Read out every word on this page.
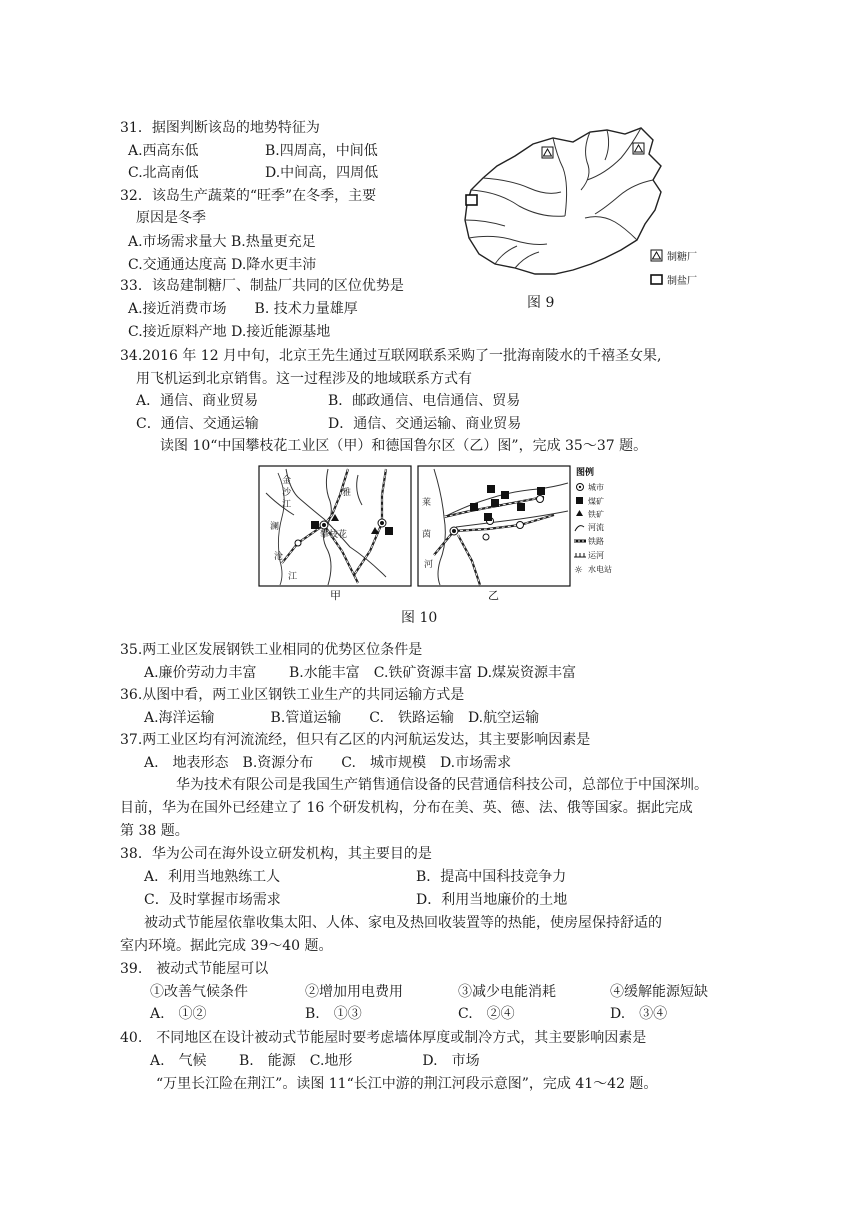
31．据图判断该岛的地势特征为
A.西高东低	B.四周高，中间低
C.北高南低	D.中间高，四周低
32．该岛生产蔬菜的“旺季”在冬季，主要
原因是冬季
A.市场需求量大 B.热量更充足
C.交通通达度高 D.降水更丰沛
33．该岛建制糖厂、制盐厂共同的区位优势是
A.接近消费市场　　B. 技术力量雄厚
C.接近原料产地 D.接近能源基地
制糖厂
制盐厂
图 9
34.2016 年 12 月中旬，北京王先生通过互联网联系采购了一批海南陵水的千禧圣女果,
用飞机运到北京销售。这一过程涉及的地域联系方式有
A．通信、商业贸易	B．邮政通信、电信通信、贸易
C．通信、交通运输	D．通信、交通运输、商业贸易
读图 10“中国攀枝花工业区（甲）和德国鲁尔区（乙）图”，完成 35～37 题。
金
沙
江
澜
沧
江
雅
攀枝花
莱
茵
河
图例
城市
煤矿
铁矿
河流
铁路
运河
☼ 水电站
甲	乙
图 10
35.两工业区发展钢铁工业相同的优势区位条件是
A.廉价劳动力丰富　　 B.水能丰富　C.铁矿资源丰富 D.煤炭资源丰富
36.从图中看，两工业区钢铁工业生产的共同运输方式是
A.海洋运输　　　　B.管道运输　　C.　铁路运输　D.航空运输
37.两工业区均有河流流经，但只有乙区的内河航运发达，其主要影响因素是
A.　地表形态　B.资源分布　　C.　城市规模　D.市场需求
华为技术有限公司是我国生产销售通信设备的民营通信科技公司，总部位于中国深圳。
目前，华为在国外已经建立了 16 个研发机构，分布在美、英、德、法、俄等国家。据此完成
第 38 题。
38．华为公司在海外设立研发机构，其主要目的是
A．利用当地熟练工人	B．提高中国科技竞争力
C．及时掌握市场需求	D．利用当地廉价的土地
被动式节能屋依靠收集太阳、人体、家电及热回收装置等的热能，使房屋保持舒适的
室内环境。据此完成 39～40 题。
39.　被动式节能屋可以
①改善气候条件	②增加用电费用	③减少电能消耗	④缓解能源短缺
A.　①②	B.　①③	C.　②④	D.　③④
40.　不同地区在设计被动式节能屋时要考虑墙体厚度或制冷方式，其主要影响因素是
A.　气候　　 B.　能源　C.地形　　　　　D.　市场
“万里长江险在荆江”。读图 11“长江中游的荆江河段示意图”，完成 41～42 题。
